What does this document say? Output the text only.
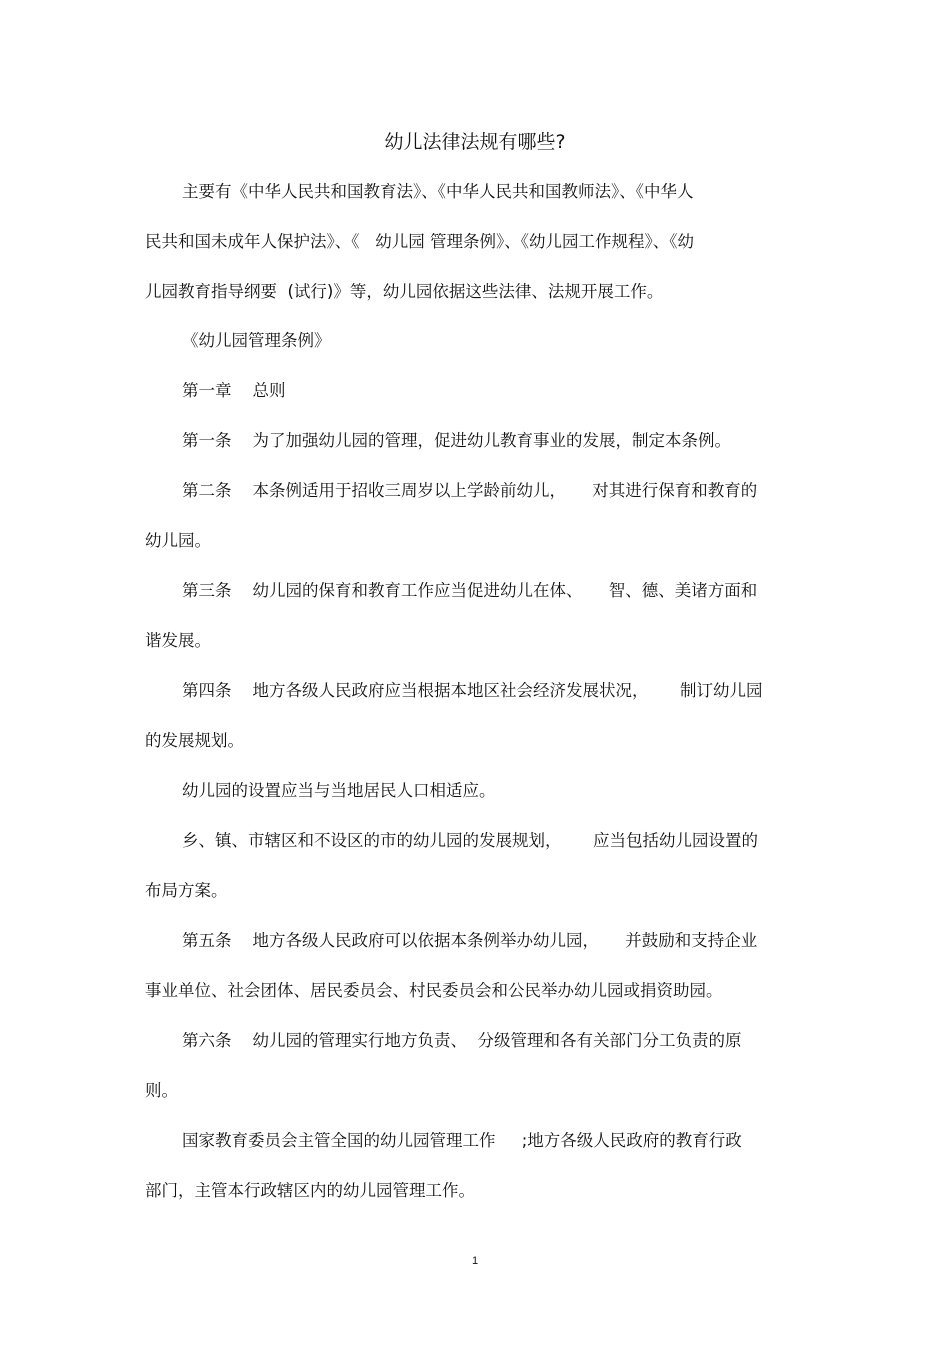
幼儿法律法规有哪些?
主要有《中华人民共和国教育法》、《中华人民共和国教师法》、《中华人
民共和国未成年人保护法》、《   幼儿园 管理条例》、《幼儿园工作规程》、《幼
儿园教育指导纲要  (试行)》等，幼儿园依据这些法律、法规开展工作。
《幼儿园管理条例》
第一章    总则
第一条    为了加强幼儿园的管理，促进幼儿教育事业的发展，制定本条例。
第二条    本条例适用于招收三周岁以上学龄前幼儿，     对其进行保育和教育的
幼儿园。
第三条    幼儿园的保育和教育工作应当促进幼儿在体、     智、德、美诸方面和
谐发展。
第四条    地方各级人民政府应当根据本地区社会经济发展状况，      制订幼儿园
的发展规划。
幼儿园的设置应当与当地居民人口相适应。
乡、镇、市辖区和不设区的市的幼儿园的发展规划，      应当包括幼儿园设置的
布局方案。
第五条    地方各级人民政府可以依据本条例举办幼儿园，     并鼓励和支持企业
事业单位、社会团体、居民委员会、村民委员会和公民举办幼儿园或捐资助园。
第六条    幼儿园的管理实行地方负责、  分级管理和各有关部门分工负责的原
则。
国家教育委员会主管全国的幼儿园管理工作     ;地方各级人民政府的教育行政
部门，主管本行政辖区内的幼儿园管理工作。
1
